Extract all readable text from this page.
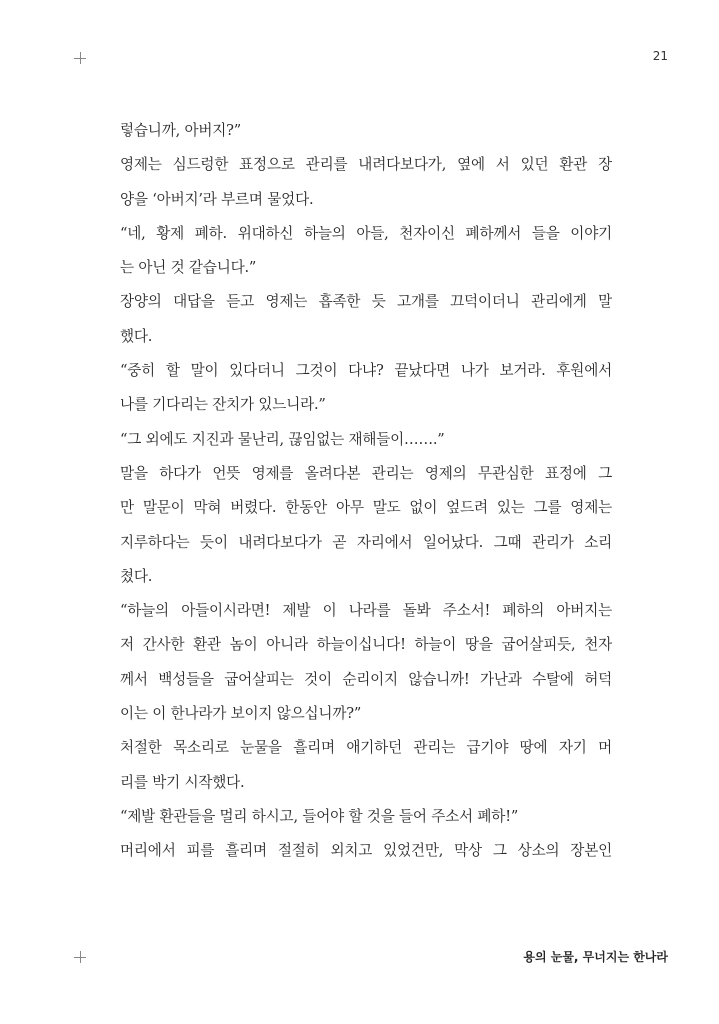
21

렇습니까, 아버지?”

영제는 심드렁한 표정으로 관리를 내려다보다가, 옆에 서 있던 환관 장

양을 ‘아버지’라 부르며 물었다.

“네, 황제 폐하. 위대하신 하늘의 아들, 천자이신 폐하께서 들을 이야기

는 아닌 것 같습니다.”

장양의 대답을 듣고 영제는 흡족한 듯 고개를 끄덕이더니 관리에게 말

했다.

“중히 할 말이 있다더니 그것이 다냐? 끝났다면 나가 보거라. 후원에서

나를 기다리는 잔치가 있느니라.”

“그 외에도 지진과 물난리, 끊임없는 재해들이…….”

말을 하다가 언뜻 영제를 올려다본 관리는 영제의 무관심한 표정에 그

만 말문이 막혀 버렸다. 한동안 아무 말도 없이 엎드려 있는 그를 영제는

지루하다는 듯이 내려다보다가 곧 자리에서 일어났다. 그때 관리가 소리

쳤다.

“하늘의 아들이시라면! 제발 이 나라를 돌봐 주소서! 폐하의 아버지는

저 간사한 환관 놈이 아니라 하늘이십니다! 하늘이 땅을 굽어살피듯, 천자

께서 백성들을 굽어살피는 것이 순리이지 않습니까! 가난과 수탈에 허덕

이는 이 한나라가 보이지 않으십니까?”

처절한 목소리로 눈물을 흘리며 애기하던 관리는 급기야 땅에 자기 머

리를 박기 시작했다.

“제발 환관들을 멀리 하시고, 들어야 할 것을 들어 주소서 폐하!”

머리에서 피를 흘리며 절절히 외치고 있었건만, 막상 그 상소의 장본인

용의 눈물, 무너지는 한나라
